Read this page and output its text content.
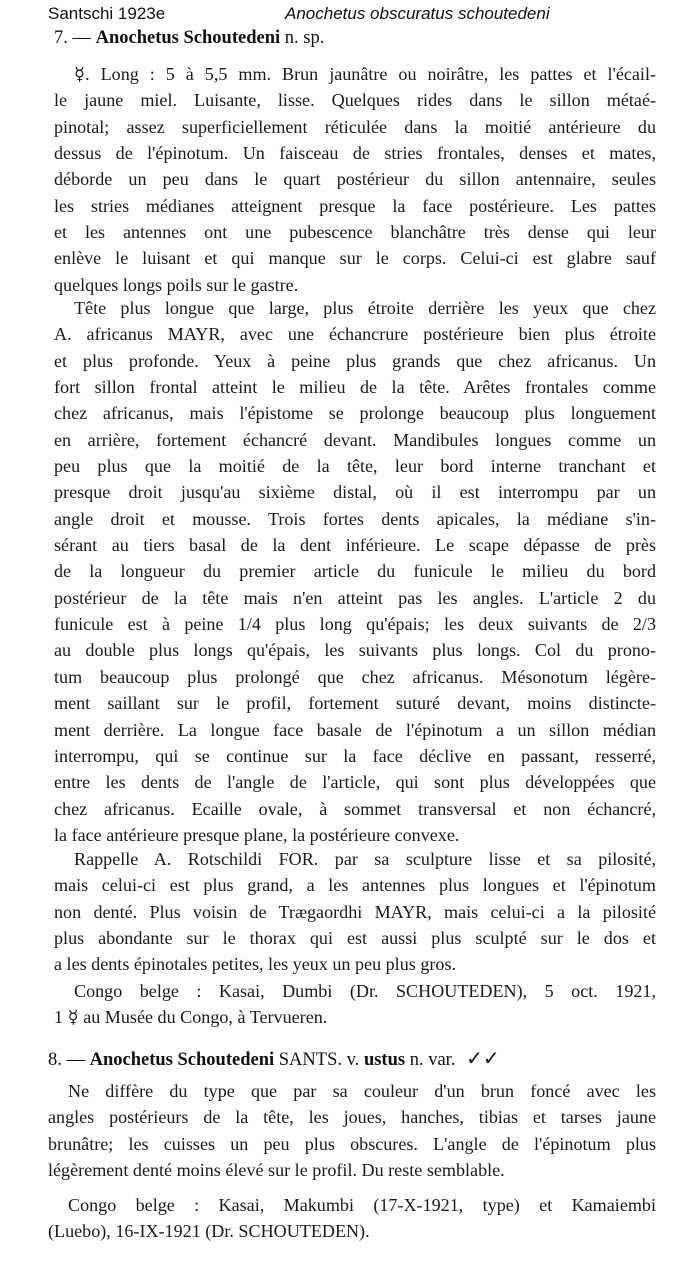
Santschi 1923e	Anochetus obscuratus schoutedeni
7. — Anochetus Schoutedeni n. sp.
☿. Long : 5 à 5,5 mm. Brun jaunâtre ou noirâtre, les pattes et l'écail-
le jaune miel. Luisante, lisse. Quelques rides dans le sillon métaé-
pinotal; assez superficiellement réticulée dans la moitié antérieure du
dessus de l'épinotum. Un faisceau de stries frontales, denses et mates,
déborde un peu dans le quart postérieur du sillon antennaire, seules
les stries médianes atteignent presque la face postérieure. Les pattes
et les antennes ont une pubescence blanchâtre très dense qui leur
enlève le luisant et qui manque sur le corps. Celui-ci est glabre sauf
quelques longs poils sur le gastre.
Tête plus longue que large, plus étroite derrière les yeux que chez
A. africanus MAYR, avec une échancrure postérieure bien plus étroite
et plus profonde. Yeux à peine plus grands que chez africanus. Un
fort sillon frontal atteint le milieu de la tête. Arêtes frontales comme
chez africanus, mais l'épistome se prolonge beaucoup plus longuement
en arrière, fortement échancré devant. Mandibules longues comme un
peu plus que la moitié de la tête, leur bord interne tranchant et
presque droit jusqu'au sixième distal, où il est interrompu par un
angle droit et mousse. Trois fortes dents apicales, la médiane s'in-
sérant au tiers basal de la dent inférieure. Le scape dépasse de près
de la longueur du premier article du funicule le milieu du bord
postérieur de la tête mais n'en atteint pas les angles. L'article 2 du
funicule est à peine 1/4 plus long qu'épais; les deux suivants de 2/3
au double plus longs qu'épais, les suivants plus longs. Col du prono-
tum beaucoup plus prolongé que chez africanus. Mésonotum légère-
ment saillant sur le profil, fortement suturé devant, moins distincte-
ment derrière. La longue face basale de l'épinotum a un sillon médian
interrompu, qui se continue sur la face déclive en passant, resserré,
entre les dents de l'angle de l'article, qui sont plus développées que
chez africanus. Ecaille ovale, à sommet transversal et non échancré,
la face antérieure presque plane, la postérieure convexe.
Rappelle A. Rotschildi FOR. par sa sculpture lisse et sa pilosité,
mais celui-ci est plus grand, a les antennes plus longues et l'épinotum
non denté. Plus voisin de Trægaordhi MAYR, mais celui-ci a la pilosité
plus abondante sur le thorax qui est aussi plus sculpté sur le dos et
a les dents épinotales petites, les yeux un peu plus gros.
Congo belge : Kasai, Dumbi (Dr. SCHOUTEDEN), 5 oct. 1921,
1 ☿ au Musée du Congo, à Tervueren.
8. — Anochetus Schoutedeni SANTS. v. ustus n. var. ✓✓
Ne diffère du type que par sa couleur d'un brun foncé avec les
angles postérieurs de la tête, les joues, hanches, tibias et tarses jaune
brunâtre; les cuisses un peu plus obscures. L'angle de l'épinotum plus
légèrement denté moins élevé sur le profil. Du reste semblable.
Congo belge : Kasai, Makumbi (17-X-1921, type) et Kamaiembi
(Luebo), 16-IX-1921 (Dr. SCHOUTEDEN).
